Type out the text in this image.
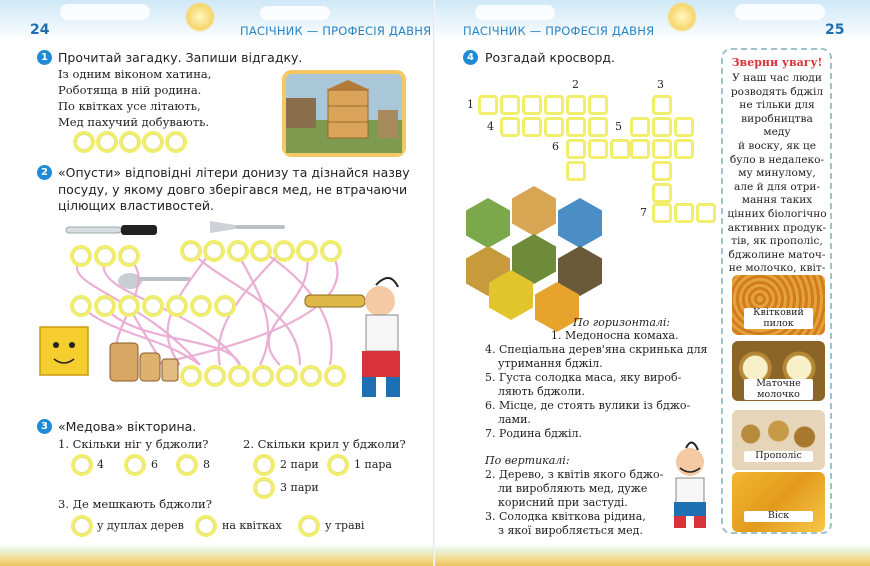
24	ПАСІЧНИК — ПРОФЕСІЯ ДАВНЯ
1 Прочитай загадку. Запиши відгадку.
Із одним віконом хатина,
Роботяща в ній родина.
По квітках усе літають,
Мед пахучий добувають.
2 «Опусти» відповідні літери донизу та дізнайся назву
посуду, у якому довго зберігався мед, не втрачаючи
цілющих властивостей.
3 «Медова» вікторина.
1. Скільки ніг у бджоли?
4	6	8
2. Скільки крил у бджоли?
2 пари	1 пара
3 пари
3. Де мешкають бджоли?
у дуплах дерев	на квітках	у траві
ПАСІЧНИК — ПРОФЕСІЯ ДАВНЯ	25
4 Розгадай кросворд.
1
2	3
4	5
6
7
По горизонталі:
1. Медоносна комаха.
4. Спеціальна дерев'яна скринька для
утримання бджіл.
5. Густа солодка маса, яку вироб-
ляють бджоли.
6. Місце, де стоять вулики із бджо-
лами.
7. Родина бджіл.
По вертикалі:
2. Дерево, з квітів якого бджо-
ли виробляють мед, дуже
корисний при застуді.
3. Солодка квіткова рідина,
з якої виробляється мед.
Зверни увагу!
У наш час люди
розводять бджіл
не тільки для
виробництва меду
й воску, як це
було в недалеко-
му минулому,
але й для отри-
мання таких
цінних біологічно
активних продук-
тів, як прополіс,
бджолине маточ-
не молочко, квіт-
Квітковий
пилок
Маточне
молочко
Прополіс
Віск
